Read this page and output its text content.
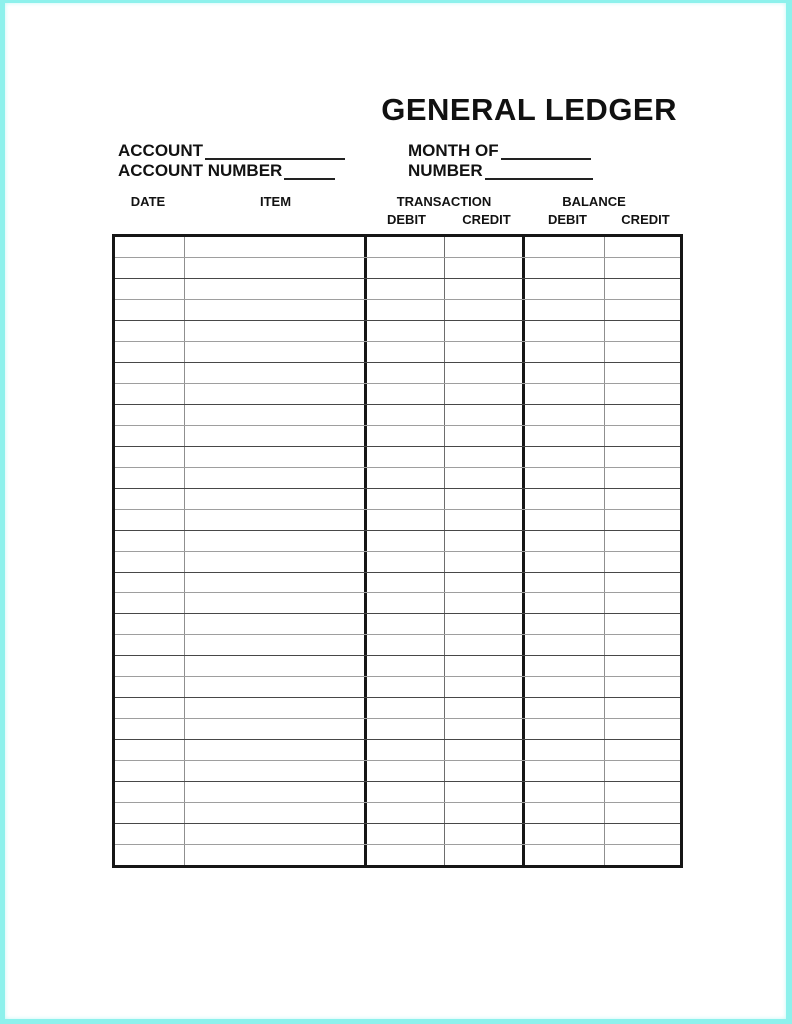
GENERAL LEDGER
ACCOUNT
ACCOUNT NUMBER
MONTH OF
NUMBER
DATE	ITEM	TRANSACTION	BALANCE
DEBIT	CREDIT	DEBIT	CREDIT
